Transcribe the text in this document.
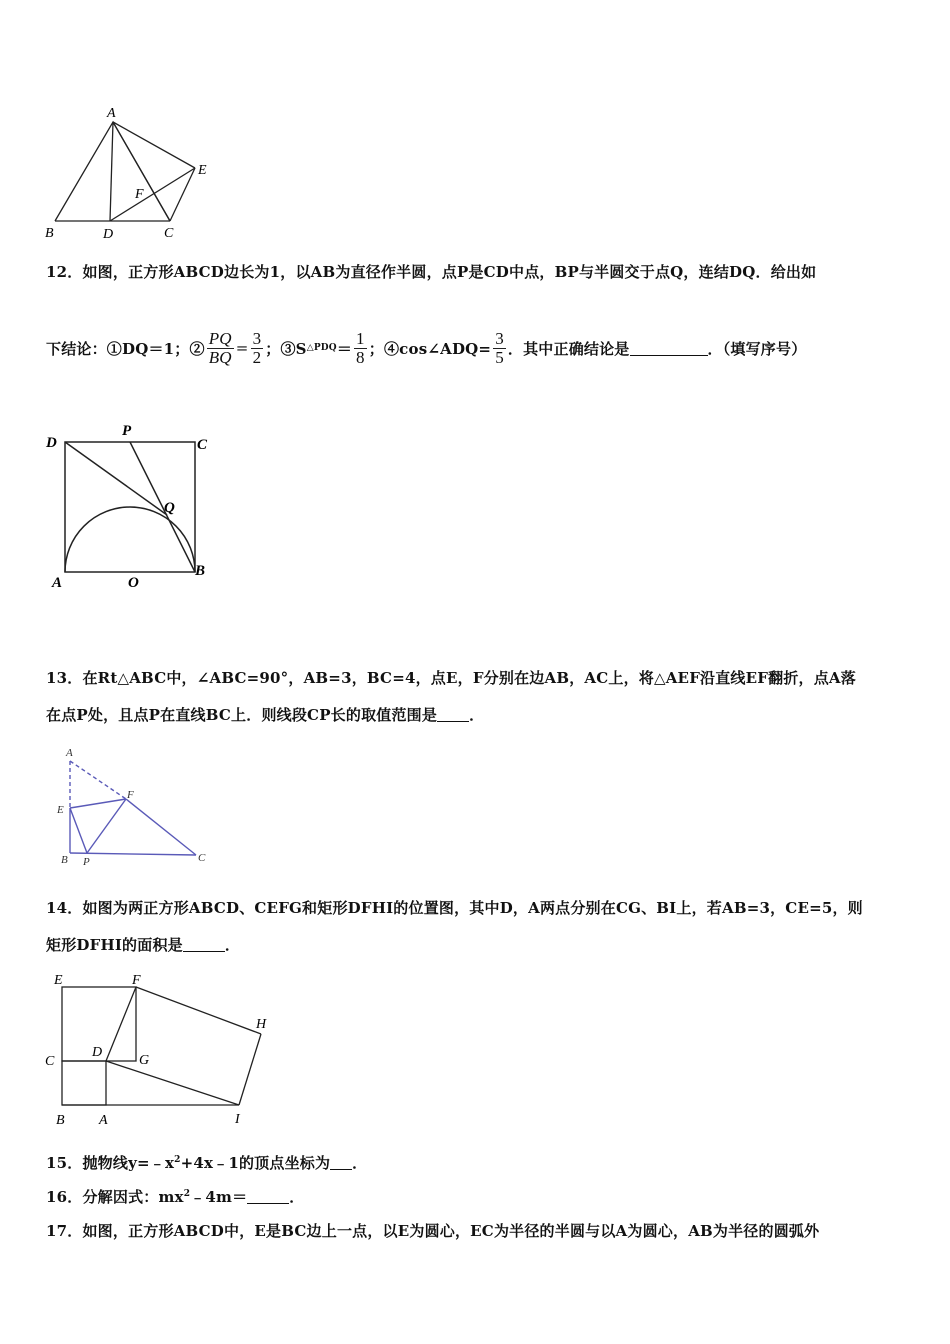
A
B	C
D
E
F
12．如图，正方形ABCD边长为1，以AB为直径作半圆，点P是CD中点，BP与半圆交于点Q，连结DQ．给出如
下结论：①DQ＝1；② $\frac{PQ}{BQ} = \frac{3}{2}$ ；③S △PDQ ＝ $\frac{1}{8}$ ；④cos∠ADQ= $\frac{3}{5}$ ．其中正确结论是	．（填写序号）
D
P
C
Q
A	O
B
13．在Rt△ABC中，∠ABC=90°，AB=3，BC=4，点E，F分别在边AB，AC上，将△AEF沿直线EF翻折，点A落
在点P处，且点P在直线BC上．则线段CP长的取值范围是 ．
A
E
F
B P	C
14．如图为两正方形ABCD、CEFG和矩形DFHI的位置图，其中D，A两点分别在CG、BI上，若AB=3，CE=5，则
矩形DFHI的面积是	．
E	F
H
C
D
G
B A	I
15．抛物线$y=﹣x^2+4x﹣1$的顶点坐标为 ．
16．分解因式：$mx^2﹣4m=$	．
17．如图，正方形ABCD中，E是BC边上一点，以E为圆心，EC为半径的半圆与以A为圆心，AB为半径的圆弧外
